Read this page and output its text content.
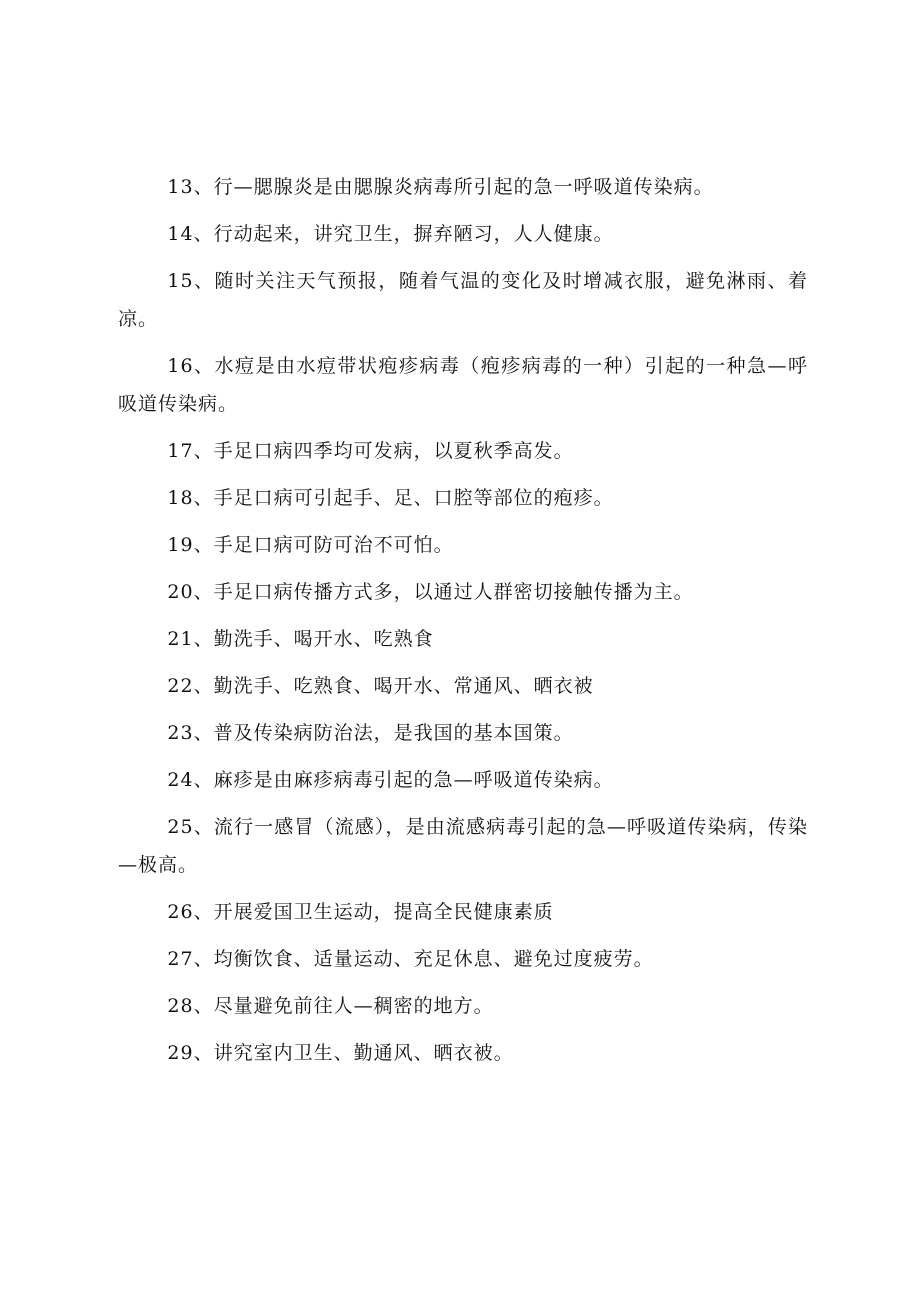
13、行—腮腺炎是由腮腺炎病毒所引起的急一呼吸道传染病。

14、行动起来，讲究卫生，摒弃陋习，人人健康。

15、随时关注天气预报，随着气温的变化及时增减衣服，避免淋雨、着凉。

16、水痘是由水痘带状疱疹病毒（疱疹病毒的一种）引起的一种急—呼吸道传染病。

17、手足口病四季均可发病，以夏秋季高发。

18、手足口病可引起手、足、口腔等部位的疱疹。

19、手足口病可防可治不可怕。

20、手足口病传播方式多，以通过人群密切接触传播为主。

21、勤洗手、喝开水、吃熟食

22、勤洗手、吃熟食、喝开水、常通风、晒衣被

23、普及传染病防治法，是我国的基本国策。

24、麻疹是由麻疹病毒引起的急—呼吸道传染病。

25、流行一感冒（流感），是由流感病毒引起的急—呼吸道传染病，传染—极高。

26、开展爱国卫生运动，提高全民健康素质

27、均衡饮食、适量运动、充足休息、避免过度疲劳。

28、尽量避免前往人—稠密的地方。

29、讲究室内卫生、勤通风、晒衣被。
